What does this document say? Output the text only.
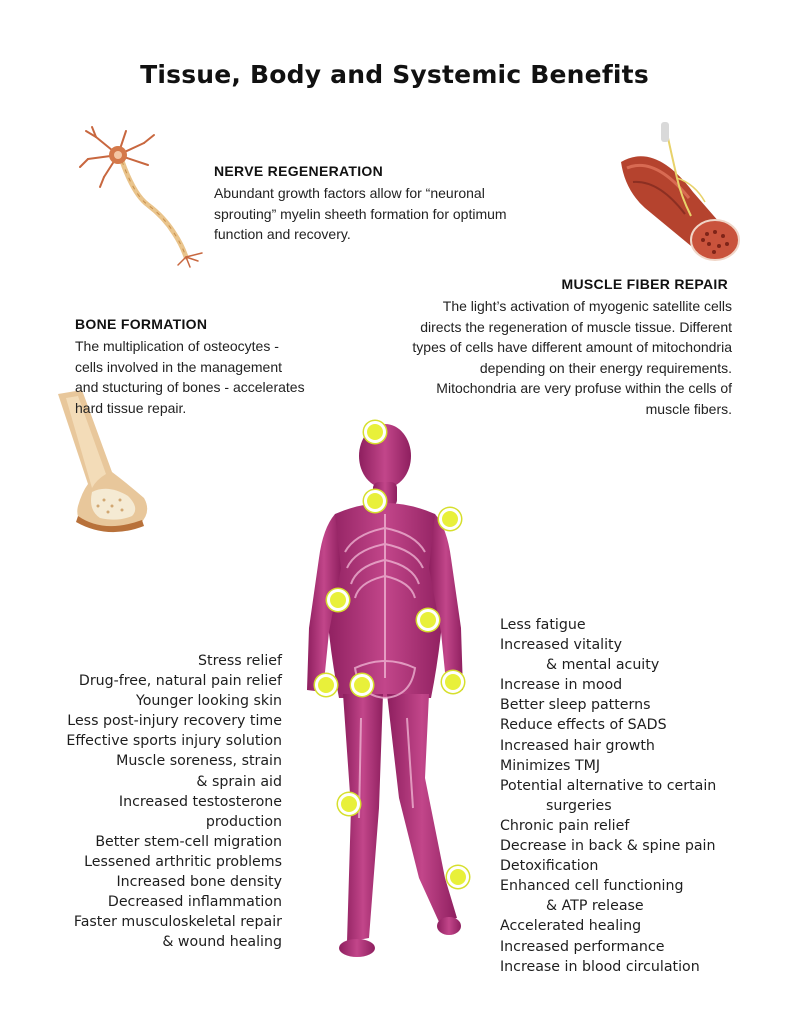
Tissue, Body and Systemic Benefits
NERVE REGENERATION
Abundant growth factors allow for “neuronal
sprouting” myelin sheeth formation for optimum
function and recovery.
MUSCLE FIBER REPAIR
The light’s activation of myogenic satellite cells
directs the regeneration of muscle tissue. Different
types of cells have different amount of mitochondria
depending on their energy requirements.
Mitochondria are very profuse within the cells of
muscle fibers.
BONE FORMATION
The multiplication of osteocytes -
cells involved in the management
and stucturing of bones - accelerates
hard tissue repair.
Stress relief
Drug-free, natural pain relief
Younger looking skin
Less post-injury recovery time
Effective sports injury solution
Muscle soreness, strain
& sprain aid
Increased testosterone
production
Better stem-cell migration
Lessened arthritic problems
Increased bone density
Decreased inflammation
Faster musculoskeletal repair
& wound healing
Less fatigue
Increased vitality
& mental acuity
Increase in mood
Better sleep patterns
Reduce effects of SADS
Increased hair growth
Minimizes TMJ
Potential alternative to certain
surgeries
Chronic pain relief
Decrease in back & spine pain
Detoxification
Enhanced cell functioning
& ATP release
Accelerated healing
Increased performance
Increase in blood circulation
